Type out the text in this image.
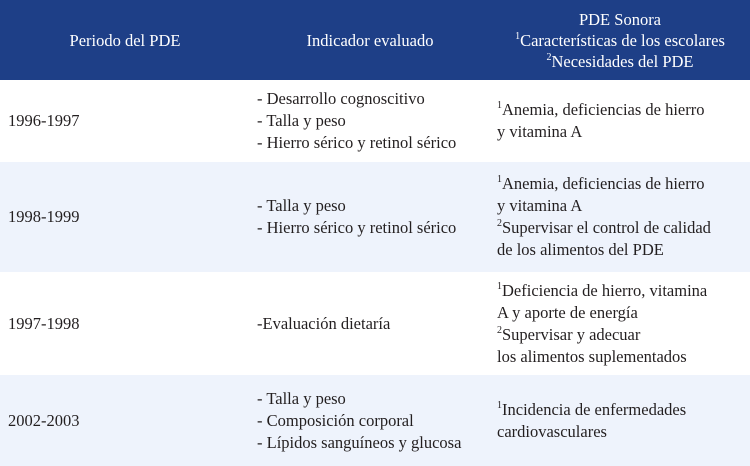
Periodo del PDE	Indicador evaluado
PDE Sonora
$^1$Características de los escolares
$^2$Necesidades del PDE
1996-1997
- Desarrollo cognoscitivo
- Talla y peso
- Hierro sérico y retinol sérico
$^1$Anemia, deficiencias de hierro
y vitamina A
1998-1999
- Talla y peso
- Hierro sérico y retinol sérico
$^1$Anemia, deficiencias de hierro
y vitamina A
$^2$Supervisar el control de calidad
de los alimentos del PDE
1997-1998	-Evaluación dietaría
$^1$Deficiencia de hierro, vitamina
A y aporte de energía
$^2$Supervisar y adecuar
los alimentos suplementados
2002-2003
- Talla y peso
- Composición corporal
- Lípidos sanguíneos y glucosa
$^1$Incidencia de enfermedades
cardiovasculares
